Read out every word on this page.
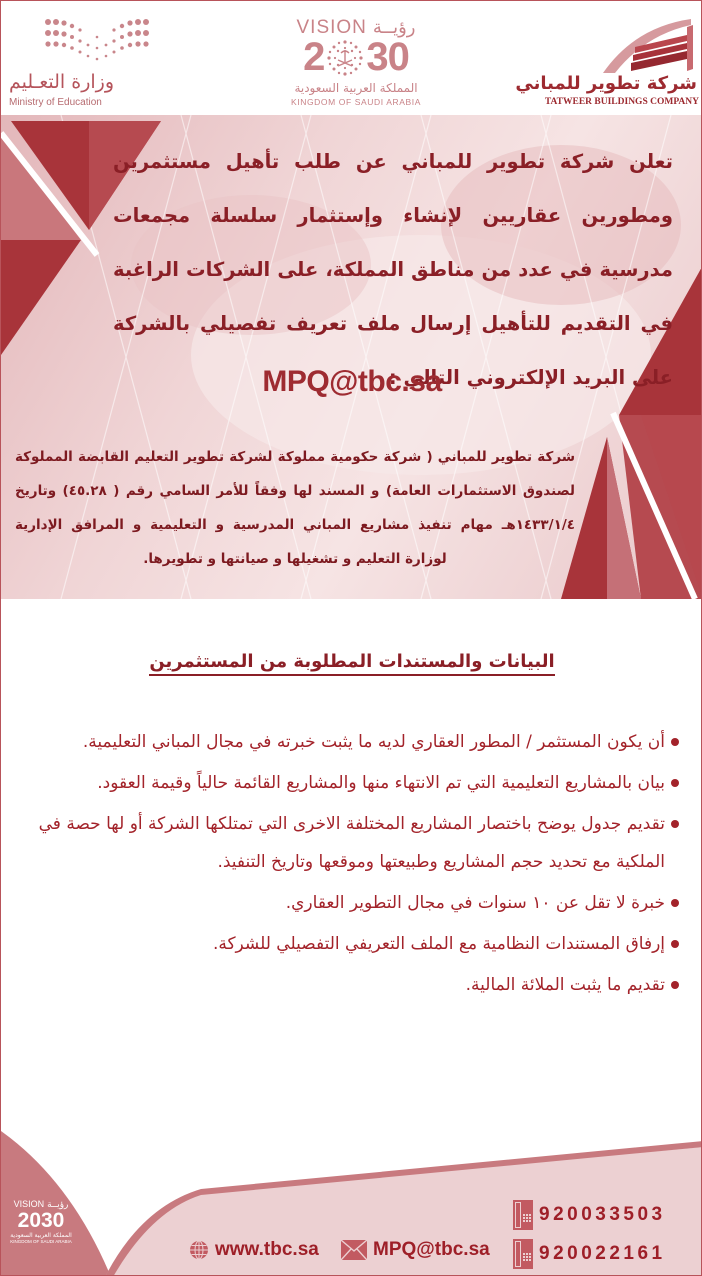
وزارة التعـليم
Ministry of Education
VISION رؤيــة
2 30
المملكة العربية السعودية
KINGDOM OF SAUDI ARABIA
شركة تطوير للمباني
TATWEER BUILDINGS COMPANY
تعلن شركة تطوير للمباني عن طلب تأهيل مستثمرين ومطورين عقاريين لإنشاء وإستثمار سلسلة مجمعات مدرسية في عدد من مناطق المملكة، على الشركات الراغبة في التقديم للتأهيل إرسال ملف تعريف تفصيلي بالشركة على البريد الإلكتروني التالي :
MPQ@tbc.sa
شركة تطوير للمباني ( شركة حكومية مملوكة لشركة تطوير التعليم القابضة المملوكة لصندوق الاستثمارات العامة) و المسند لها وفقاً للأمر السامي رقم ( ٤٥.٢٨) وتاريخ ١٤٣٣/١/٤هـ مهام تنفيذ مشاريع المباني المدرسية و التعليمية و المرافق الإدارية لوزارة التعليم و تشغيلها و صيانتها و تطويرها.
البيانات والمستندات المطلوبة من المستثمرين
أن يكون المستثمر / المطور العقاري لديه ما يثبت خبرته في مجال المباني التعليمية.
بيان بالمشاريع التعليمية التي تم الانتهاء منها والمشاريع القائمة حالياً وقيمة العقود.
تقديم جدول يوضح باختصار المشاريع المختلفة الاخرى التي تمتلكها الشركة أو لها حصة في الملكية مع تحديد حجم المشاريع وطبيعتها وموقعها وتاريخ التنفيذ.
خبرة لا تقل عن ١٠ سنوات في مجال التطوير العقاري.
إرفاق المستندات النظامية مع الملف التعريفي التفصيلي للشركة.
تقديم ما يثبت الملائة المالية.
VISION رؤيــة
2030
المملكة العربية السعودية
KINGDOM OF SAUDI ARABIA	www.tbc.sa	MPQ@tbc.sa
920033503
920022161
